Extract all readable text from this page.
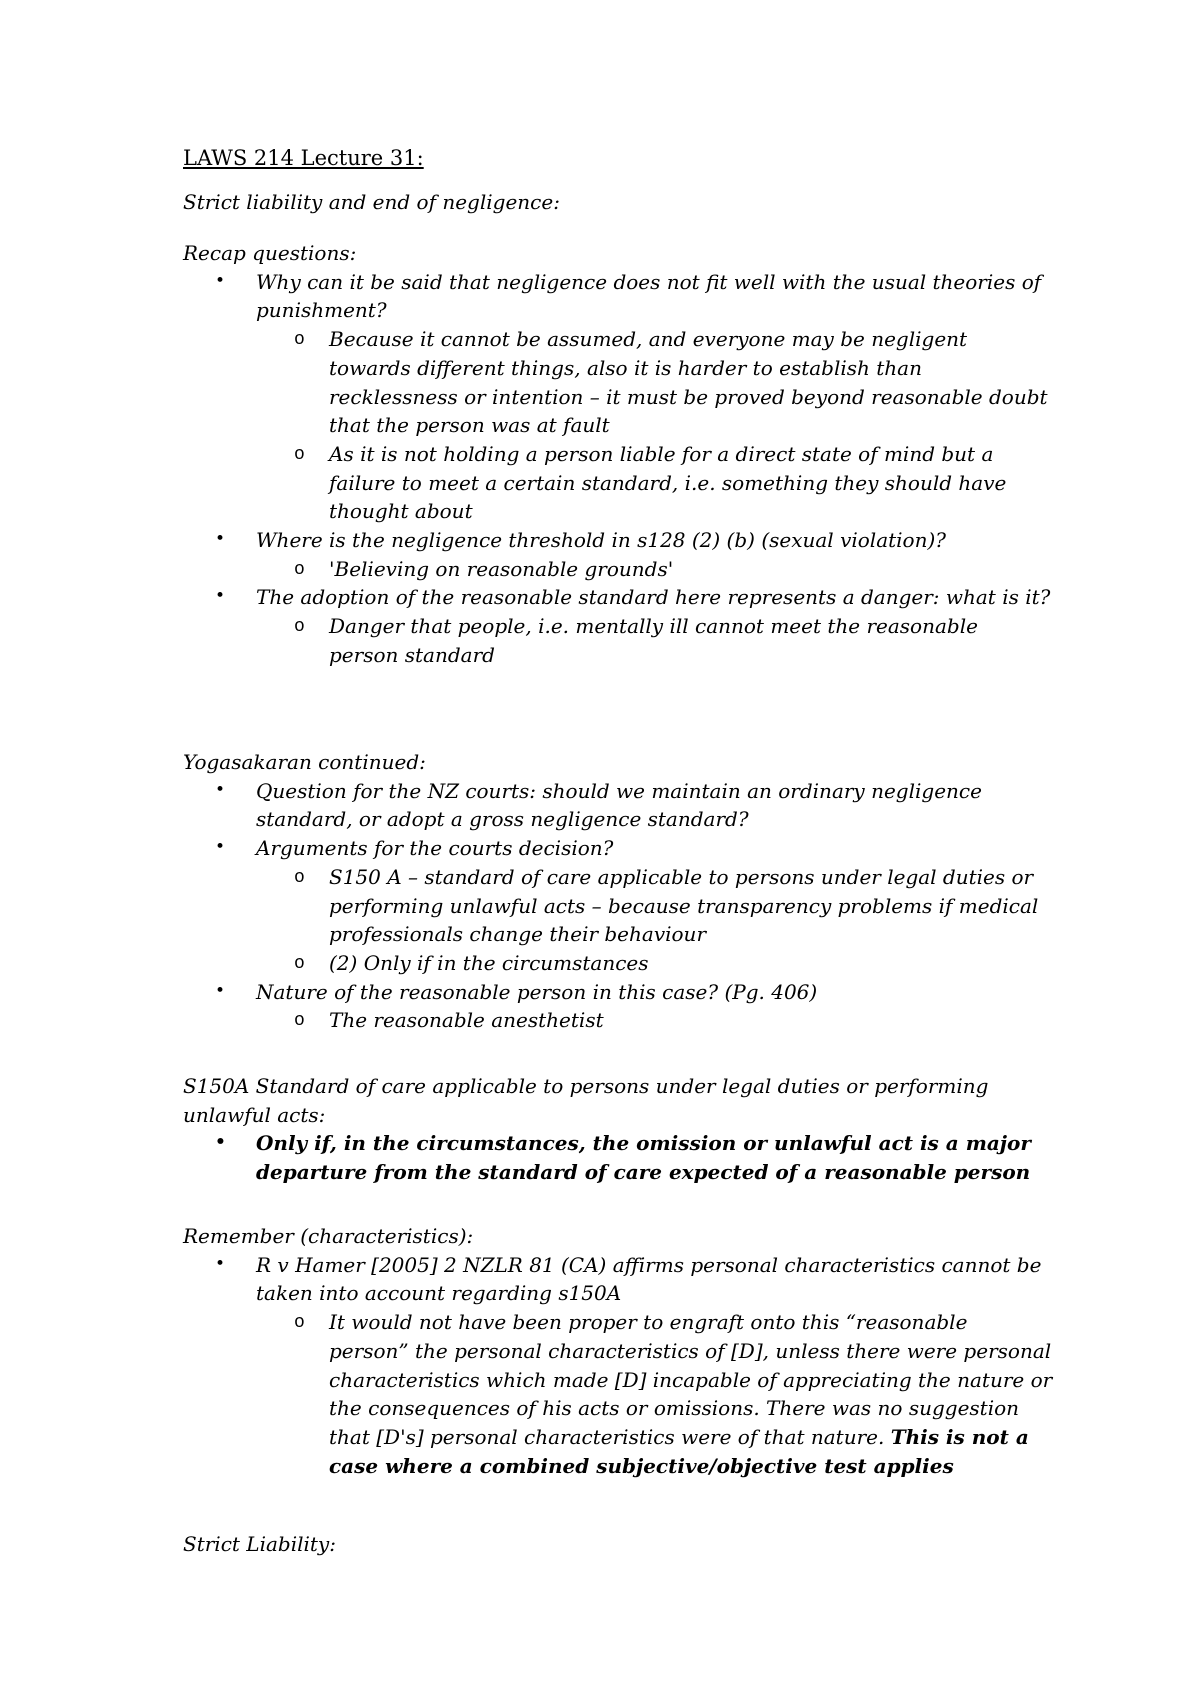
LAWS 214 Lecture 31:
Strict liability and end of negligence:
Recap questions:
• Why can it be said that negligence does not fit well with the usual theories of punishment?
o Because it cannot be assumed, and everyone may be negligent towards different things, also it is harder to establish than recklessness or intention – it must be proved beyond reasonable doubt that the person was at fault
o As it is not holding a person liable for a direct state of mind but a failure to meet a certain standard, i.e. something they should have thought about
• Where is the negligence threshold in s128 (2) (b) (sexual violation)?
o 'Believing on reasonable grounds'
• The adoption of the reasonable standard here represents a danger: what is it?
o Danger that people, i.e. mentally ill cannot meet the reasonable person standard
Yogasakaran continued:
• Question for the NZ courts: should we maintain an ordinary negligence standard, or adopt a gross negligence standard?
• Arguments for the courts decision?
o S150 A – standard of care applicable to persons under legal duties or performing unlawful acts – because transparency problems if medical professionals change their behaviour
o (2) Only if in the circumstances
• Nature of the reasonable person in this case? (Pg. 406)
o The reasonable anesthetist
S150A Standard of care applicable to persons under legal duties or performing unlawful acts:
• Only if, in the circumstances, the omission or unlawful act is a major departure from the standard of care expected of a reasonable person
Remember (characteristics):
• R v Hamer [2005] 2 NZLR 81 (CA) affirms personal characteristics cannot be taken into account regarding s150A
o It would not have been proper to engraft onto this “reasonable person” the personal characteristics of [D], unless there were personal characteristics which made [D] incapable of appreciating the nature or the consequences of his acts or omissions. There was no suggestion that [D's] personal characteristics were of that nature. This is not a case where a combined subjective/objective test applies
Strict Liability:
